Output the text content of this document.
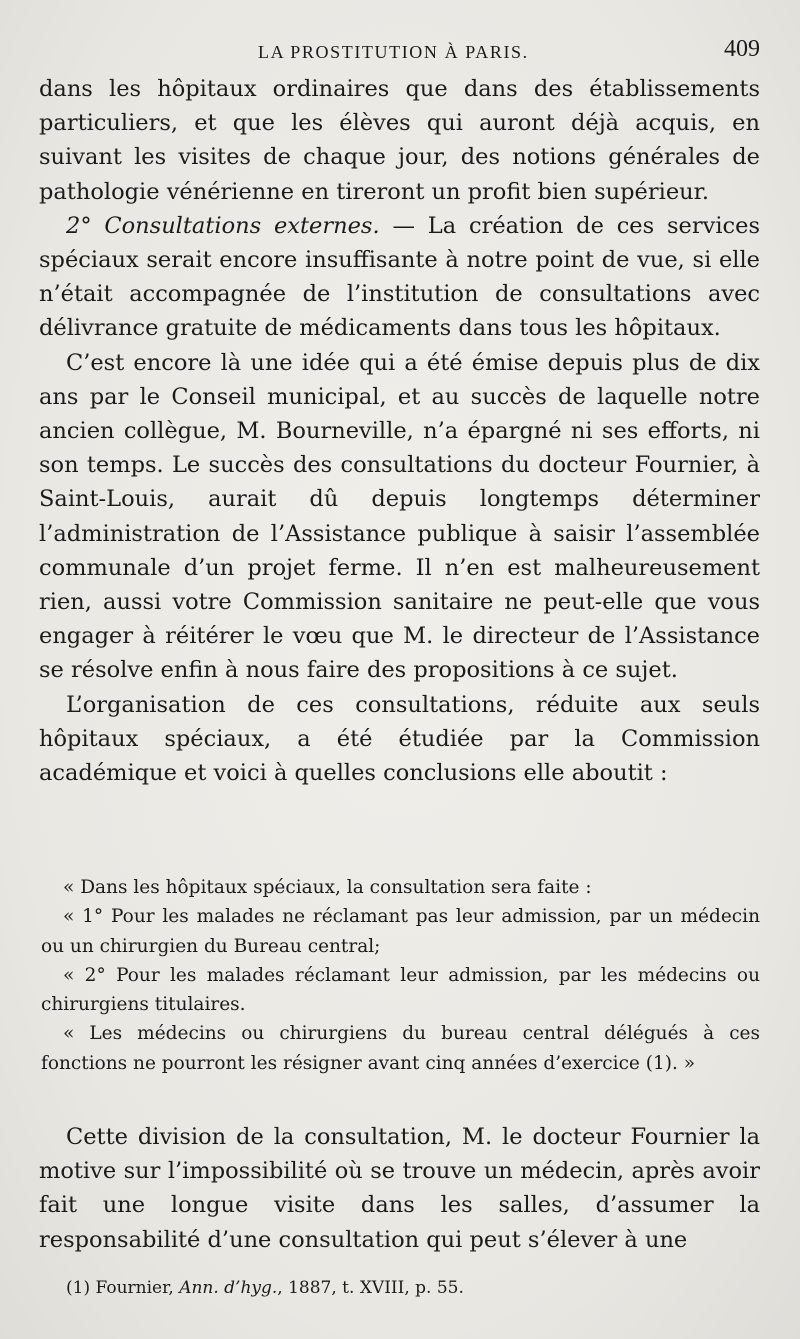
LA PROSTITUTION À PARIS.	409

dans les hôpitaux ordinaires que dans des établissements particuliers, et que les élèves qui auront déjà acquis, en suivant les visites de chaque jour, des notions générales de pathologie vénérienne en tireront un profit bien supérieur.

2° Consultations externes. — La création de ces services spéciaux serait encore insuffisante à notre point de vue, si elle n’était accompagnée de l’institution de consultations avec délivrance gratuite de médicaments dans tous les hôpitaux.

C’est encore là une idée qui a été émise depuis plus de dix ans par le Conseil municipal, et au succès de laquelle notre ancien collègue, M. Bourneville, n’a épargné ni ses efforts, ni son temps. Le succès des consultations du docteur Fournier, à Saint-Louis, aurait dû depuis longtemps déterminer l’administration de l’Assistance publique à saisir l’assemblée communale d’un projet ferme. Il n’en est malheureusement rien, aussi votre Commission sanitaire ne peut-elle que vous engager à réitérer le vœu que M. le directeur de l’Assistance se résolve enfin à nous faire des propositions à ce sujet.

L’organisation de ces consultations, réduite aux seuls hôpitaux spéciaux, a été étudiée par la Commission académique et voici à quelles conclusions elle aboutit :

« Dans les hôpitaux spéciaux, la consultation sera faite :

« 1° Pour les malades ne réclamant pas leur admission, par un médecin ou un chirurgien du Bureau central;

« 2° Pour les malades réclamant leur admission, par les médecins ou chirurgiens titulaires.

« Les médecins ou chirurgiens du bureau central délégués à ces fonctions ne pourront les résigner avant cinq années d’exercice (1). »

Cette division de la consultation, M. le docteur Fournier la motive sur l’impossibilité où se trouve un médecin, après avoir fait une longue visite dans les salles, d’assumer la responsabilité d’une consultation qui peut s’élever à une

(1) Fournier, Ann. d’hyg., 1887, t. XVIII, p. 55.
